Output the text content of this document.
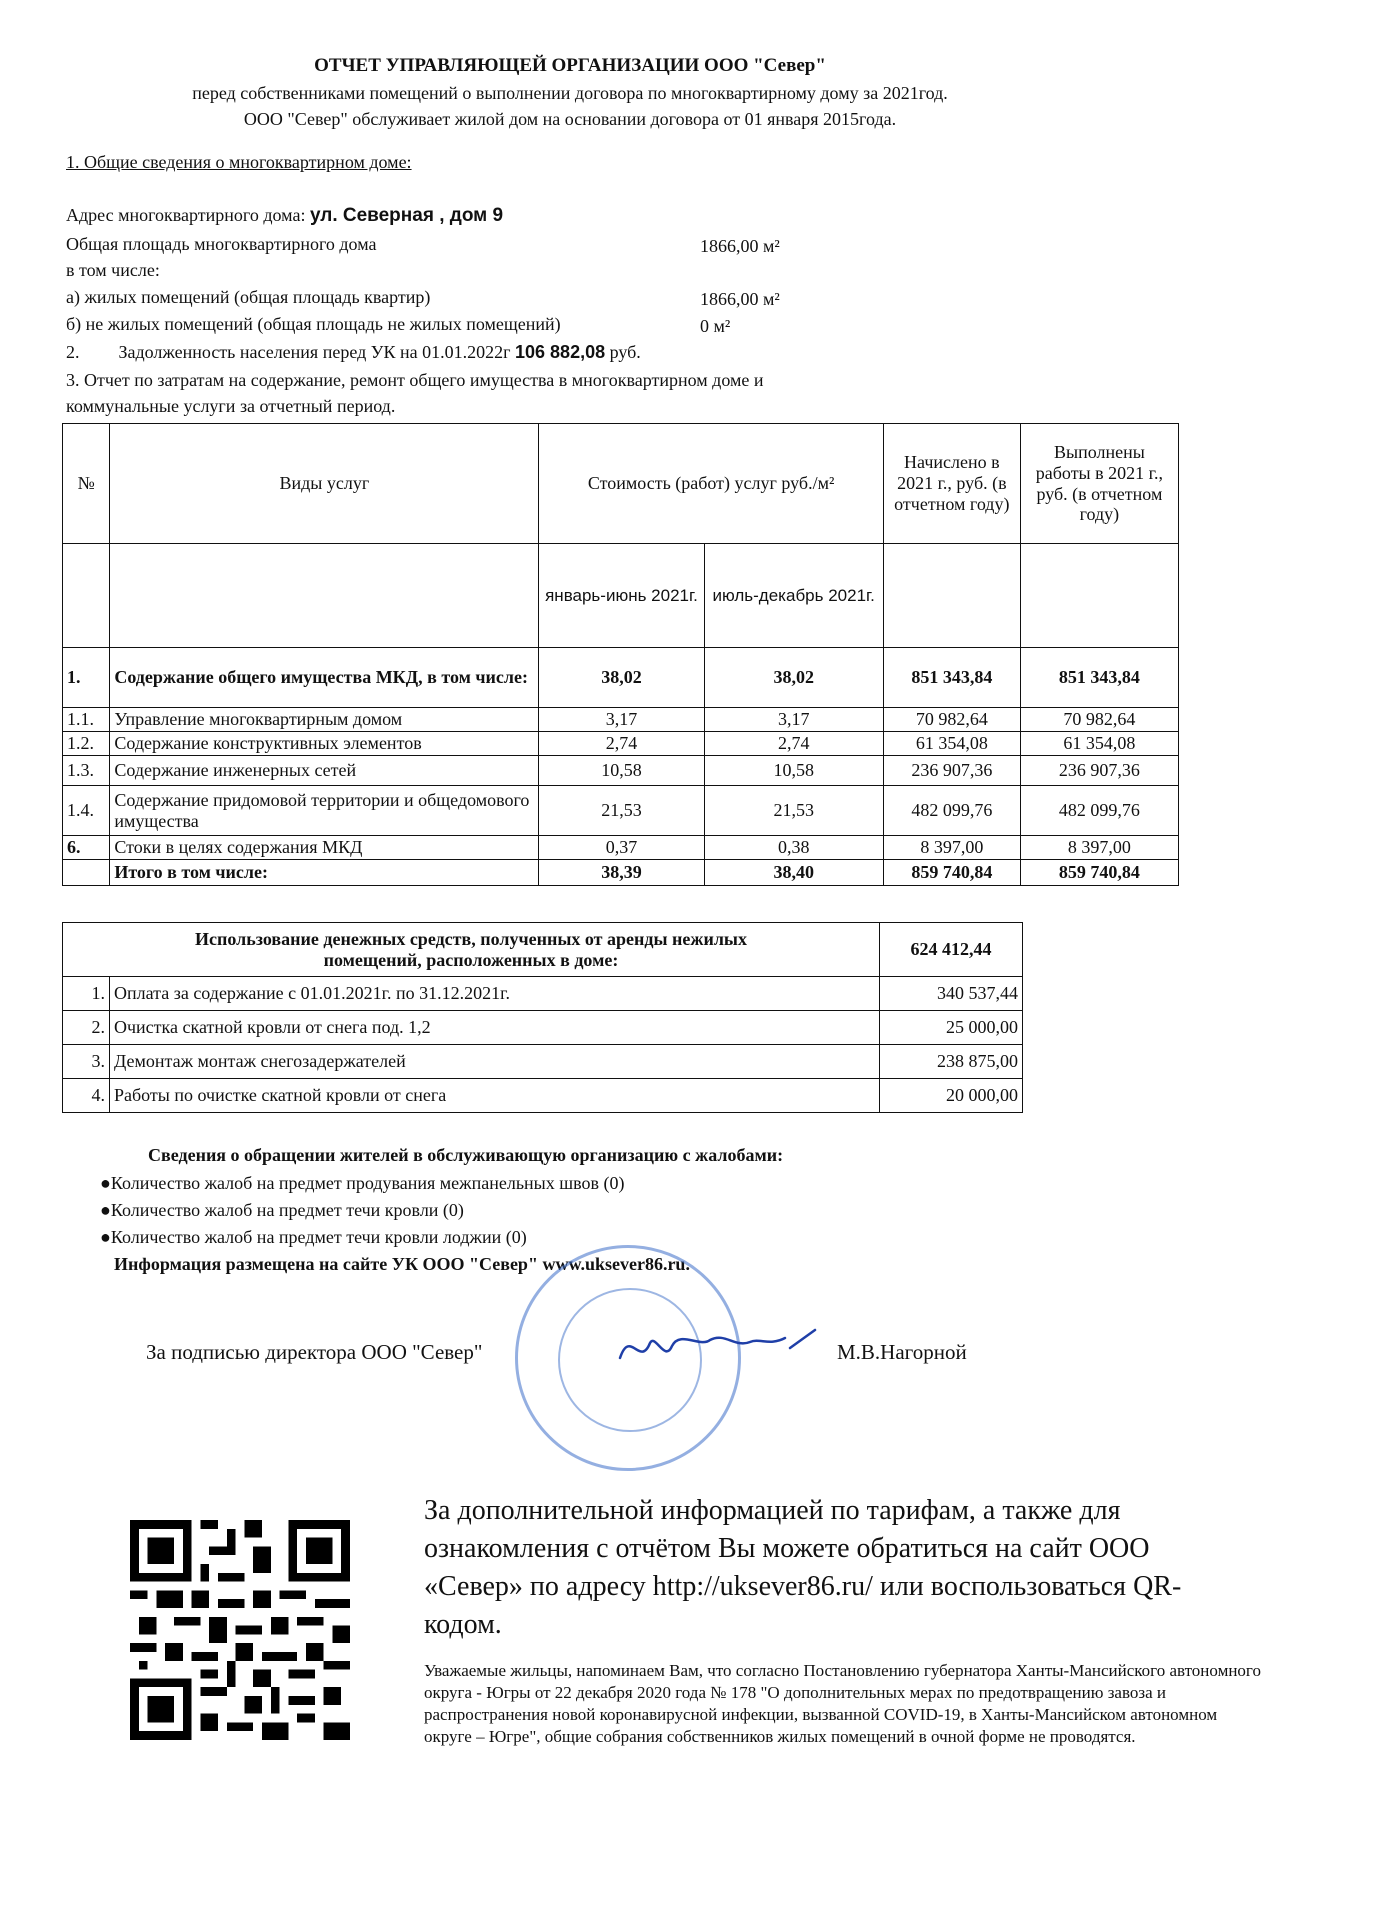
ОТЧЕТ УПРАВЛЯЮЩЕЙ ОРГАНИЗАЦИИ ООО "Север"
перед собственниками помещений о выполнении договора по многоквартирному дому за 2021год.
ООО "Север" обслуживает жилой дом на основании договора от 01 января 2015года.
1. Общие сведения о многоквартирном доме:
Адрес многоквартирного дома: ул. Северная , дом 9
Общая площадь многоквартирного дома	1866,00 м²
в том числе:
а) жилых помещений (общая площадь квартир)	1866,00 м²
б) не жилых помещений (общая площадь не жилых помещений)	0 м²
2. Задолженность населения перед УК на 01.01.2022г 106 882,08 руб.
3. Отчет по затратам на содержание, ремонт общего имущества в многоквартирном доме и
коммунальные услуги за отчетный период.
№	Виды услуг	Стоимость (работ) услуг руб./м²		Начислено в 2021 г., руб. (в отчетном году)	Выполнены работы в 2021 г., руб. (в отчетном году)
		январь-июнь 2021г.	июль-декабрь 2021г.		
1.	Содержание общего имущества МКД, в том числе:	38,02	38,02	851 343,84	851 343,84
1.1.	Управление многоквартирным домом	3,17	3,17	70 982,64	70 982,64
1.2.	Содержание конструктивных элементов	2,74	2,74	61 354,08	61 354,08
1.3.	Содержание инженерных сетей	10,58	10,58	236 907,36	236 907,36
1.4.	Содержание придомовой территории и общедомового имущества	21,53	21,53	482 099,76	482 099,76
6.	Стоки в целях содержания МКД	0,37	0,38	8 397,00	8 397,00
	Итого в том числе:	38,39	38,40	859 740,84	859 740,84
Использование денежных средств, полученных от аренды нежилых помещений, расположенных в доме:		624 412,44
1.	Оплата за содержание с 01.01.2021г. по 31.12.2021г.	340 537,44
2.	Очистка скатной кровли от снега под. 1,2	25 000,00
3.	Демонтаж монтаж снегозадержателей	238 875,00
4.	Работы по очистке скатной кровли от снега	20 000,00
Сведения о обращении жителей в обслуживающую организацию с жалобами:
●Количество жалоб на предмет продувания межпанельных швов (0)
●Количество жалоб на предмет течи кровли (0)
●Количество жалоб на предмет течи кровли лоджии (0)
Информация размещена на сайте УК ООО "Север" www.uksever86.ru.
За подписью директора ООО "Север"	М.В.Нагорной
За дополнительной информацией по тарифам, а также для ознакомления с отчётом Вы можете обратиться на сайт ООО «Север» по адресу http://uksever86.ru/ или воспользоваться QR-кодом.
Уважаемые жильцы, напоминаем Вам, что согласно Постановлению губернатора Ханты-Мансийского автономного округа - Югры от 22 декабря 2020 года № 178 "О дополнительных мерах по предотвращению завоза и распространения новой коронавирусной инфекции, вызванной COVID-19, в Ханты-Мансийском автономном округе – Югре", общие собрания собственников жилых помещений в очной форме не проводятся.
